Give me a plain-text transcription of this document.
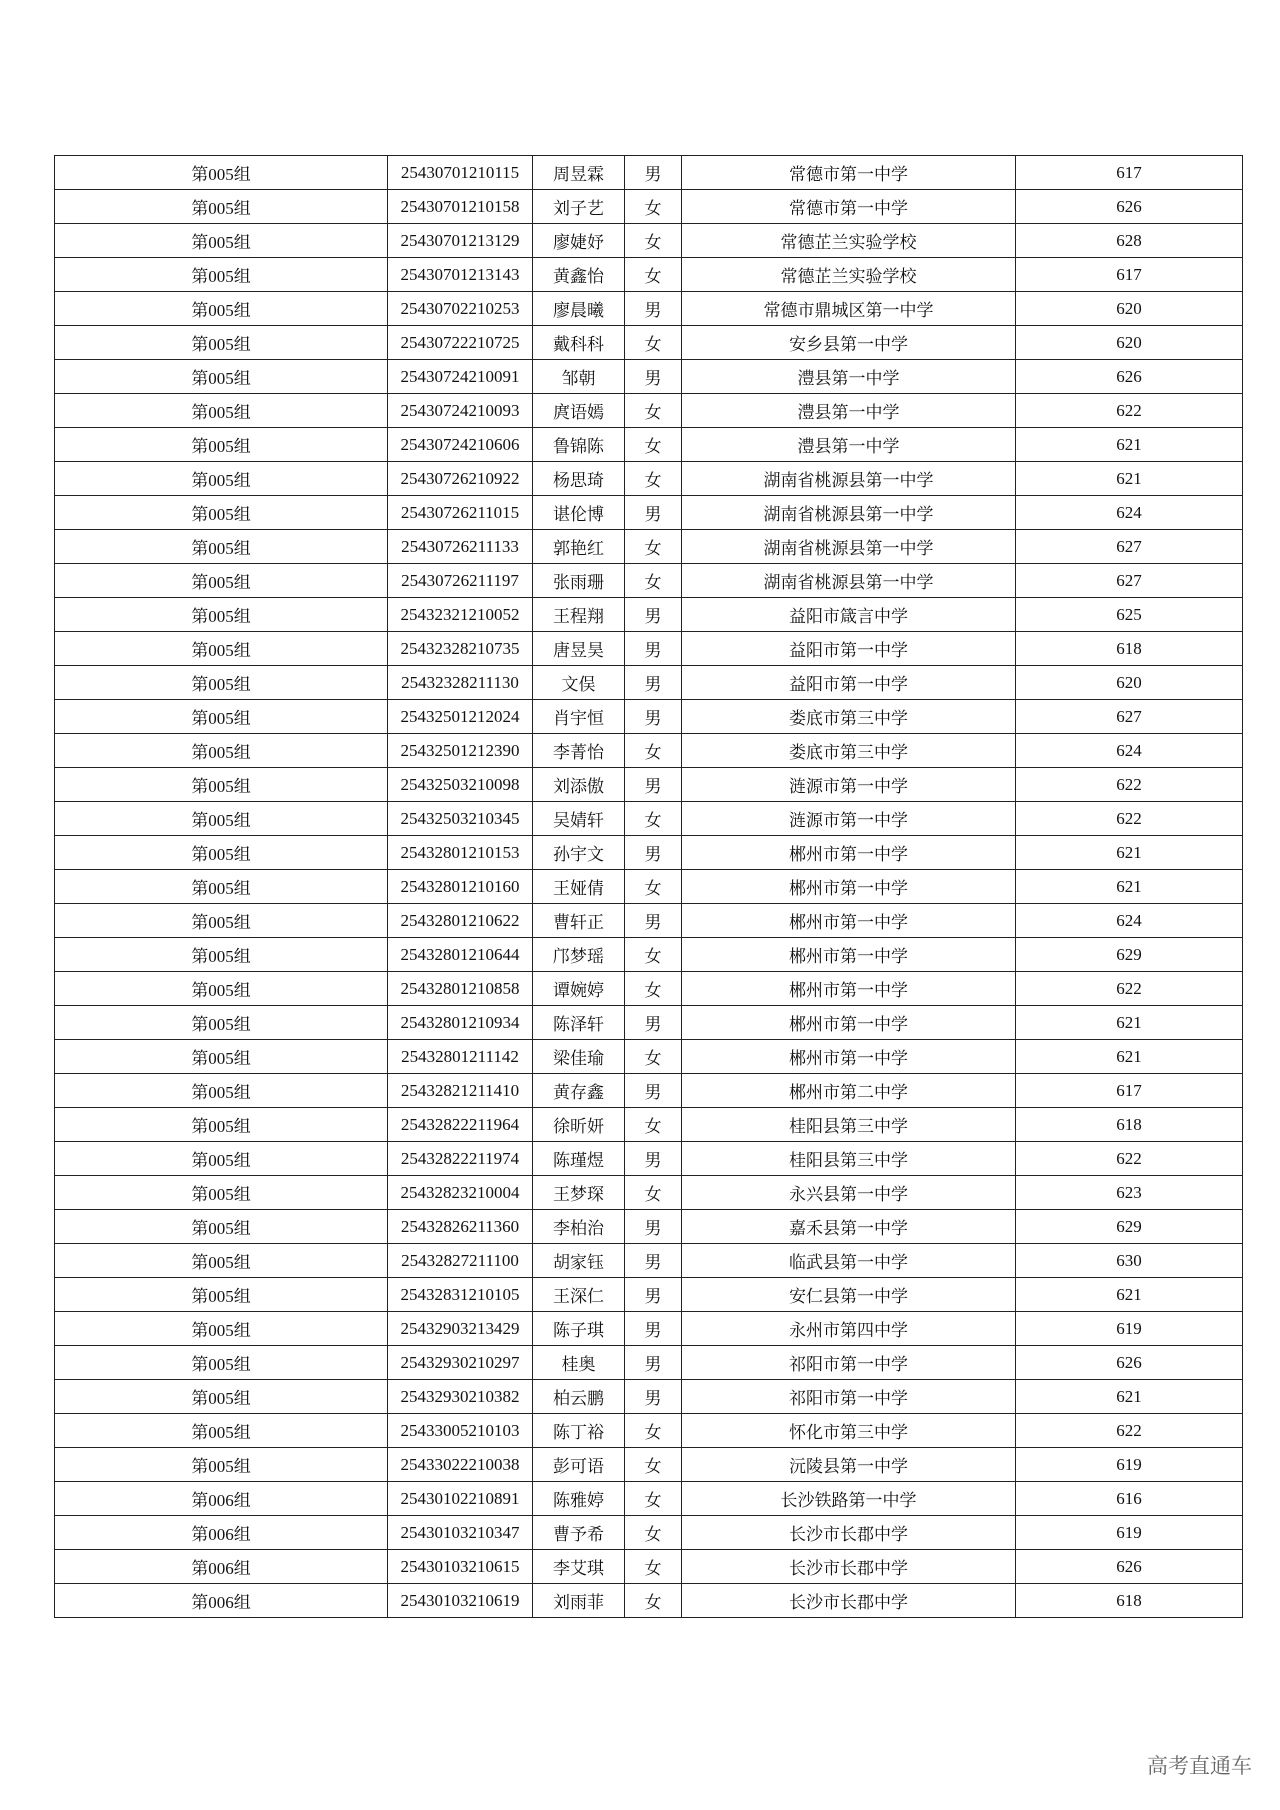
第005组	25430701210115	周昱霖	男	常德市第一中学	617
第005组	25430701210158	刘子艺	女	常德市第一中学	626
第005组	25430701213129	廖婕妤	女	常德芷兰实验学校	628
第005组	25430701213143	黄鑫怡	女	常德芷兰实验学校	617
第005组	25430702210253	廖晨曦	男	常德市鼎城区第一中学	620
第005组	25430722210725	戴科科	女	安乡县第一中学	620
第005组	25430724210091	邹朝	男	澧县第一中学	626
第005组	25430724210093	庹语嫣	女	澧县第一中学	622
第005组	25430724210606	鲁锦陈	女	澧县第一中学	621
第005组	25430726210922	杨思琦	女	湖南省桃源县第一中学	621
第005组	25430726211015	谌伦博	男	湖南省桃源县第一中学	624
第005组	25430726211133	郭艳红	女	湖南省桃源县第一中学	627
第005组	25430726211197	张雨珊	女	湖南省桃源县第一中学	627
第005组	25432321210052	王程翔	男	益阳市箴言中学	625
第005组	25432328210735	唐昱昊	男	益阳市第一中学	618
第005组	25432328211130	文俣	男	益阳市第一中学	620
第005组	25432501212024	肖宇恒	男	娄底市第三中学	627
第005组	25432501212390	李菁怡	女	娄底市第三中学	624
第005组	25432503210098	刘添傲	男	涟源市第一中学	622
第005组	25432503210345	吴婧轩	女	涟源市第一中学	622
第005组	25432801210153	孙宇文	男	郴州市第一中学	621
第005组	25432801210160	王娅倩	女	郴州市第一中学	621
第005组	25432801210622	曹轩正	男	郴州市第一中学	624
第005组	25432801210644	邝梦瑶	女	郴州市第一中学	629
第005组	25432801210858	谭婉婷	女	郴州市第一中学	622
第005组	25432801210934	陈泽轩	男	郴州市第一中学	621
第005组	25432801211142	梁佳瑜	女	郴州市第一中学	621
第005组	25432821211410	黄存鑫	男	郴州市第二中学	617
第005组	25432822211964	徐昕妍	女	桂阳县第三中学	618
第005组	25432822211974	陈瑾煜	男	桂阳县第三中学	622
第005组	25432823210004	王梦琛	女	永兴县第一中学	623
第005组	25432826211360	李柏治	男	嘉禾县第一中学	629
第005组	25432827211100	胡家钰	男	临武县第一中学	630
第005组	25432831210105	王深仁	男	安仁县第一中学	621
第005组	25432903213429	陈子琪	男	永州市第四中学	619
第005组	25432930210297	桂奥	男	祁阳市第一中学	626
第005组	25432930210382	柏云鹏	男	祁阳市第一中学	621
第005组	25433005210103	陈丁裕	女	怀化市第三中学	622
第005组	25433022210038	彭可语	女	沅陵县第一中学	619
第006组	25430102210891	陈雅婷	女	长沙铁路第一中学	616
第006组	25430103210347	曹予希	女	长沙市长郡中学	619
第006组	25430103210615	李艾琪	女	长沙市长郡中学	626
第006组	25430103210619	刘雨菲	女	长沙市长郡中学	618
高考直通车
